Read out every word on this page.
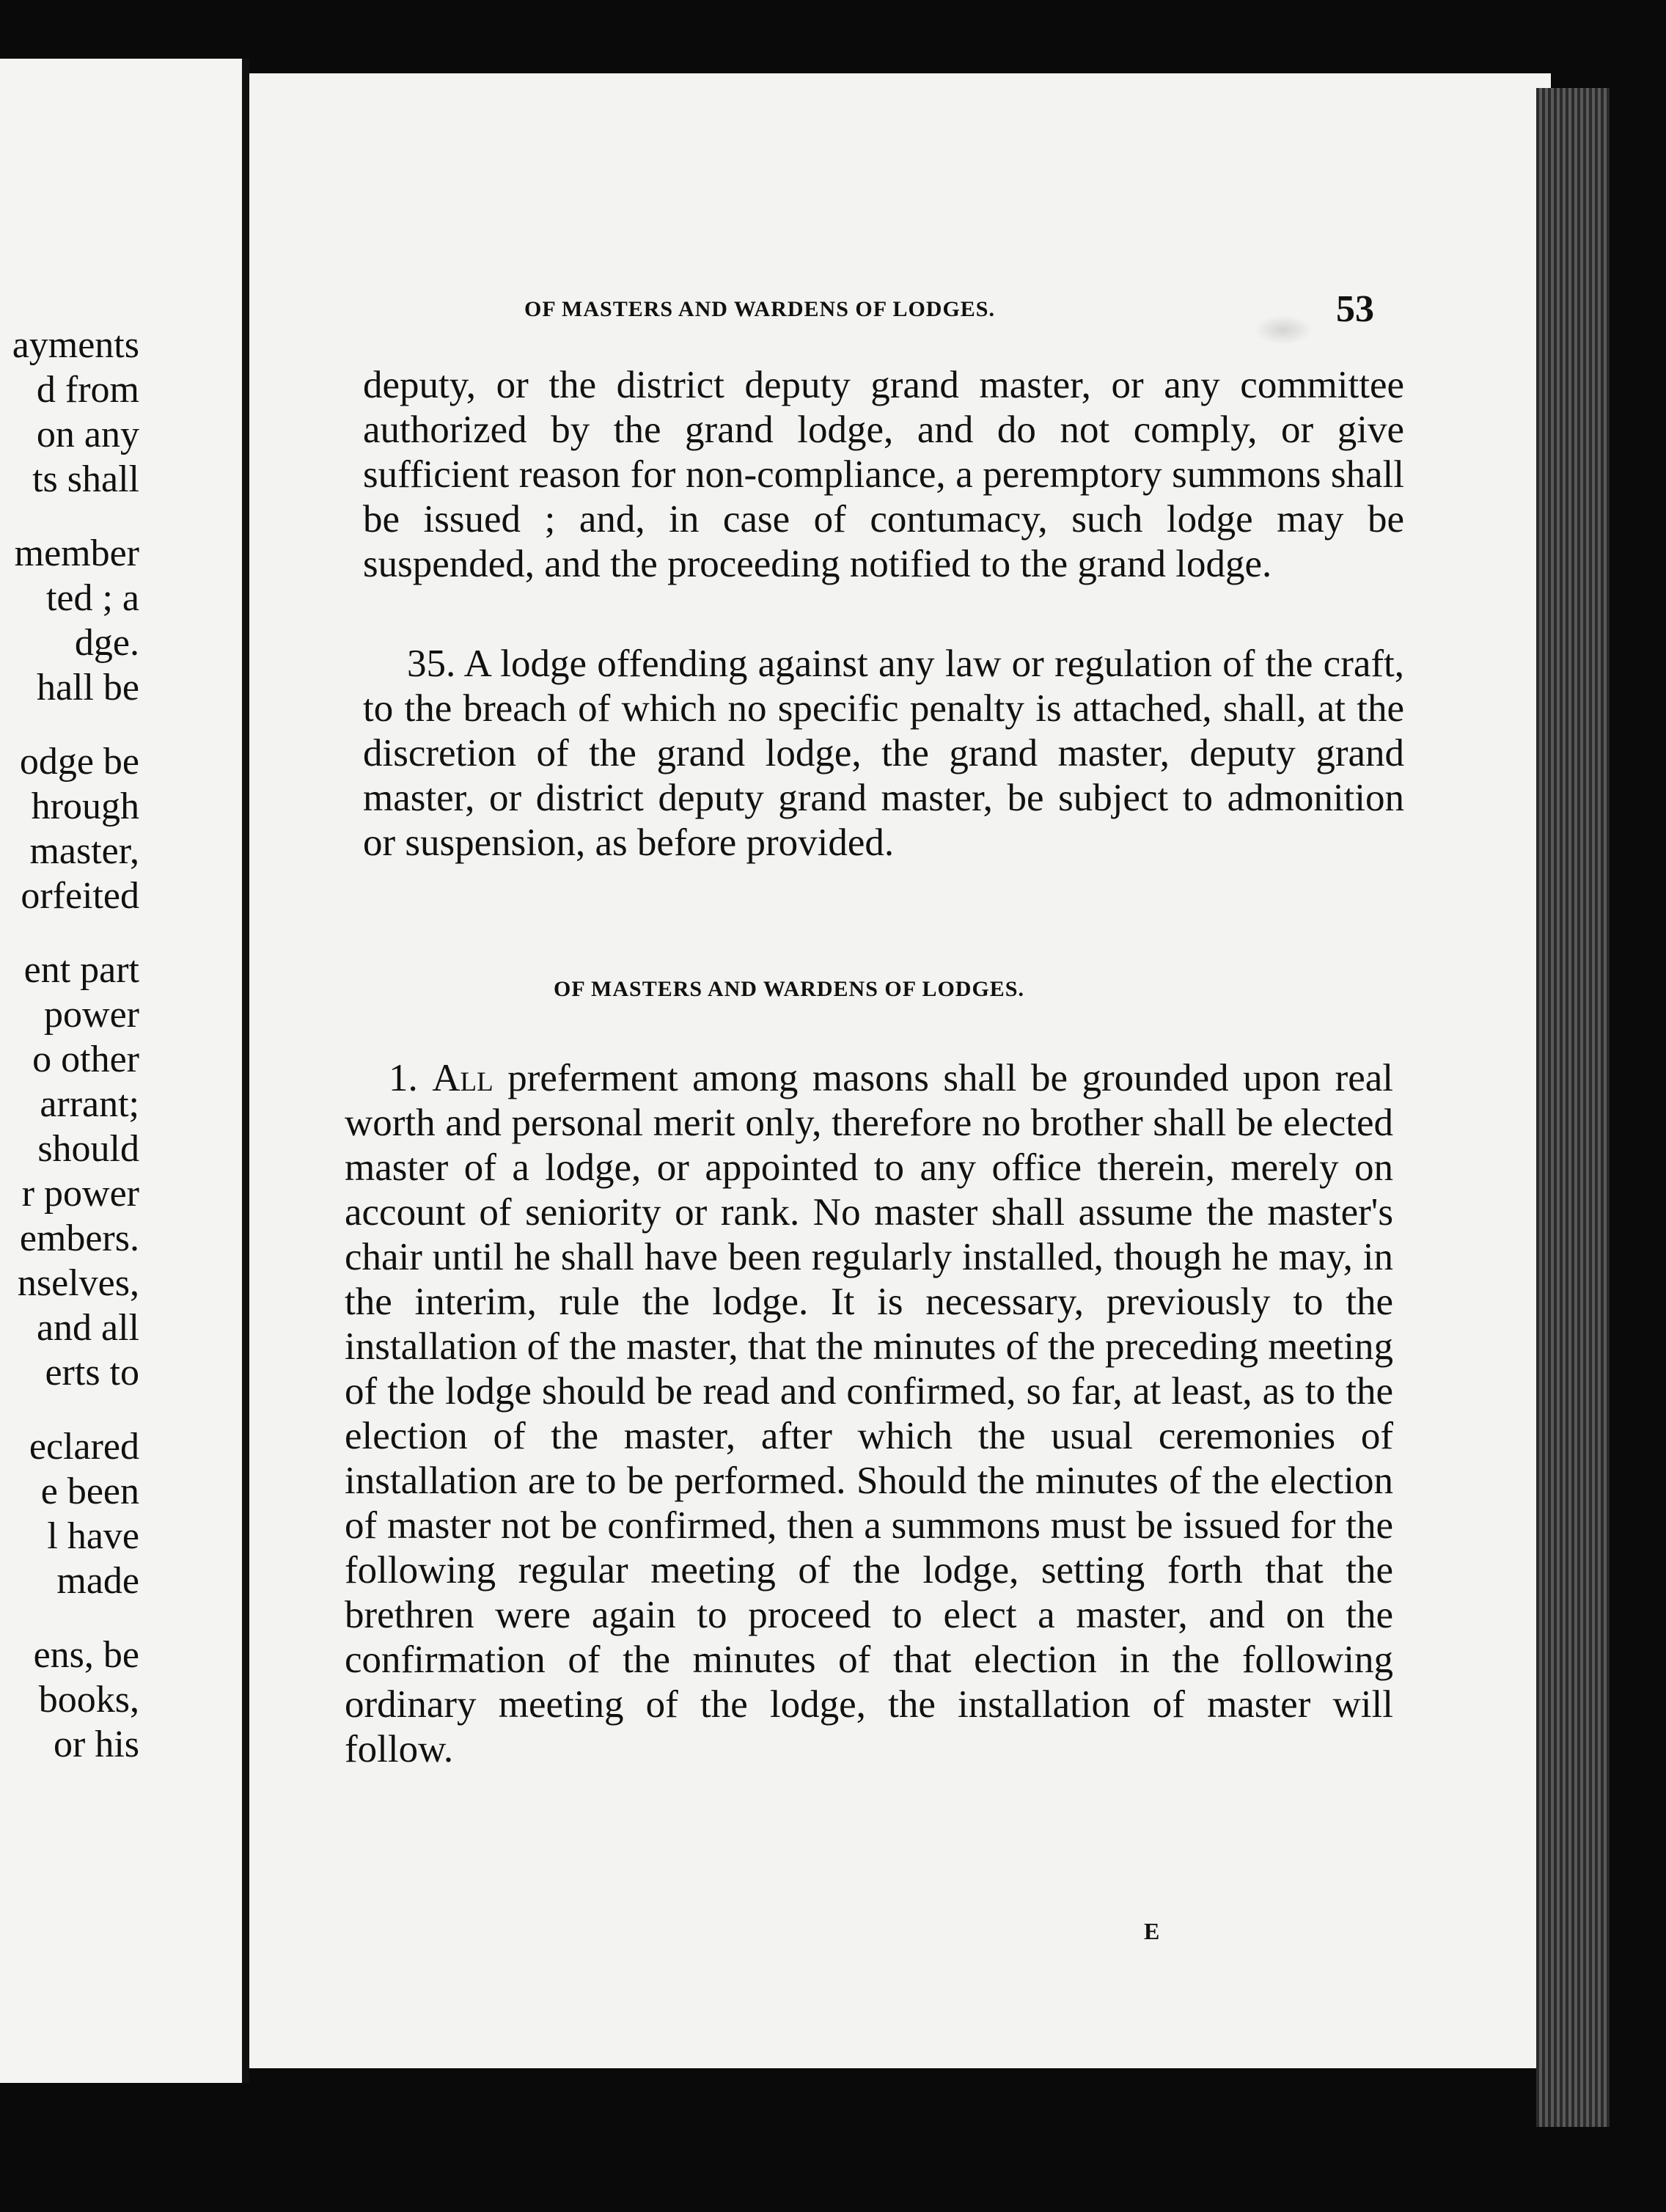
ayments
d from
on any
ts shall
member
ted ; a
dge.
hall be
odge be
hrough
master,
orfeited
ent part
power
o other
arrant;
should
r power
embers.
nselves,
and all
erts to
eclared
e been
l have
made
ens, be
books,
or his
OF MASTERS AND WARDENS OF LODGES.	53

deputy, or the district deputy grand master, or any committee authorized by the grand lodge, and do not comply, or give sufficient reason for non-compliance, a peremptory summons shall be issued ; and, in case of contumacy, such lodge may be suspended, and the proceeding notified to the grand lodge.

35. A lodge offending against any law or regulation of the craft, to the breach of which no specific penalty is attached, shall, at the discretion of the grand lodge, the grand master, deputy grand master, or district deputy grand master, be subject to admonition or suspension, as before provided.

OF MASTERS AND WARDENS OF LODGES.

1. All preferment among masons shall be grounded upon real worth and personal merit only, therefore no brother shall be elected master of a lodge, or appointed to any office therein, merely on account of seniority or rank. No master shall assume the master's chair until he shall have been regularly installed, though he may, in the interim, rule the lodge. It is necessary, previously to the installation of the master, that the minutes of the preceding meeting of the lodge should be read and confirmed, so far, at least, as to the election of the master, after which the usual ceremonies of installation are to be performed. Should the minutes of the election of master not be confirmed, then a summons must be issued for the following regular meeting of the lodge, setting forth that the brethren were again to proceed to elect a master, and on the confirmation of the minutes of that election in the following ordinary meeting of the lodge, the installation of master will follow.

E
